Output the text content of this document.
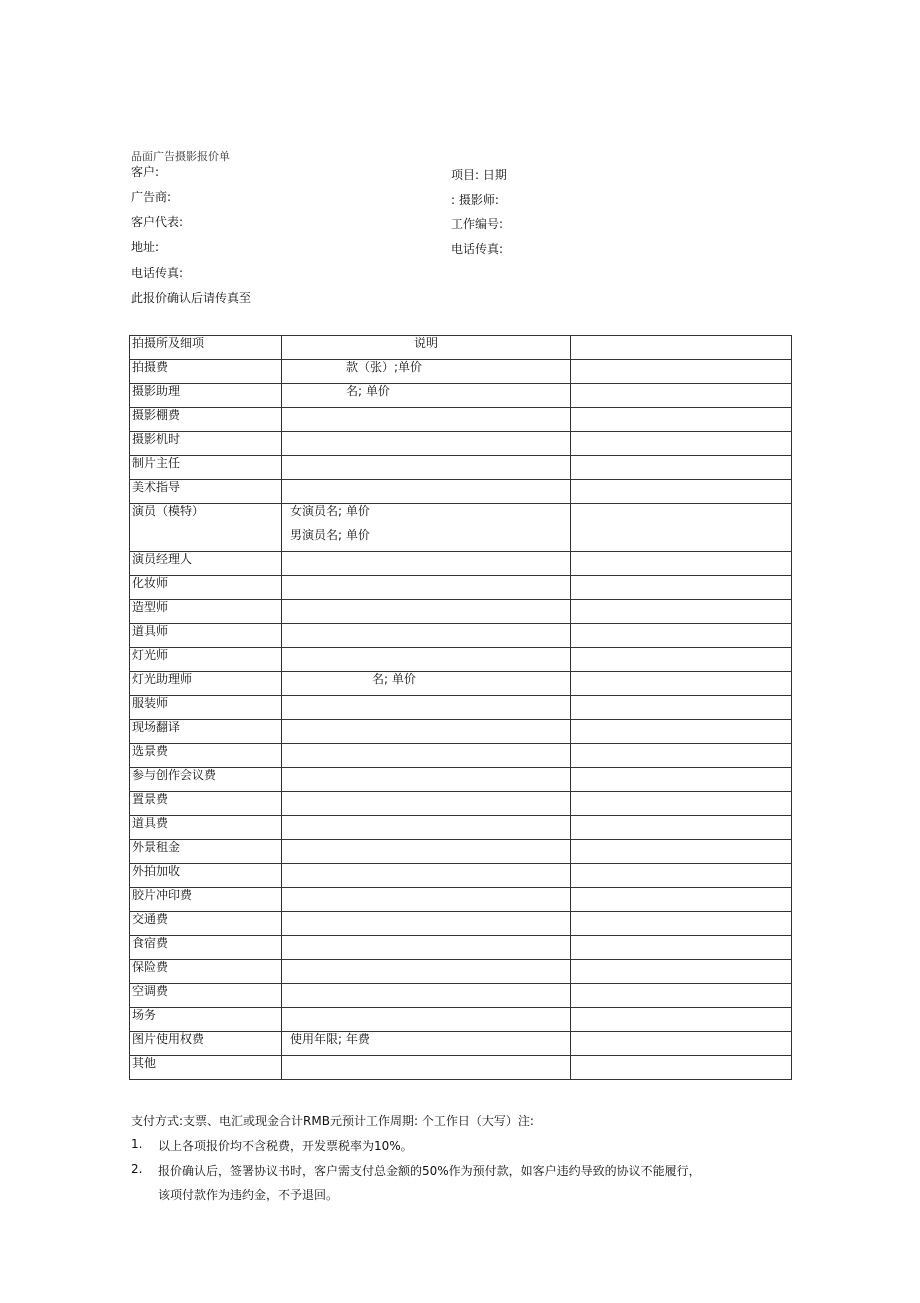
品面广告摄影报价单
客户:
广告商:
客户代表:
地址:
电话传真:
此报价确认后请传真至
项目: 日期
: 摄影师:
工作编号:
电话传真:
拍摄所及细项	说明	
拍摄费	款（张）;单价	
摄影助理	名; 单价	
摄影棚费		
摄影机时		
制片主任		
美术指导		
演员（模特）	女演员名; 单价
男演员名; 单价	

演员经理人		
化妆师		
造型师		
道具师		
灯光师		
灯光助理师	名; 单价	
服装师		
现场翻译		
选景费		
参与创作会议费		
置景费		
道具费		
外景租金		
外拍加收		
胶片冲印费		
交通费		
食宿费		
保险费		
空调费		
场务		
图片使用权费	使用年限; 年费	
其他		
支付方式:支票、电汇或现金合计RMB元预计工作周期: 个工作日（大写）注:
1. 以上各项报价均不含税费，开发票税率为10%。
2. 报价确认后，签署协议书时，客户需支付总金额的50%作为预付款，如客户违约导致的协议不能履行，
该项付款作为违约金，不予退回。
